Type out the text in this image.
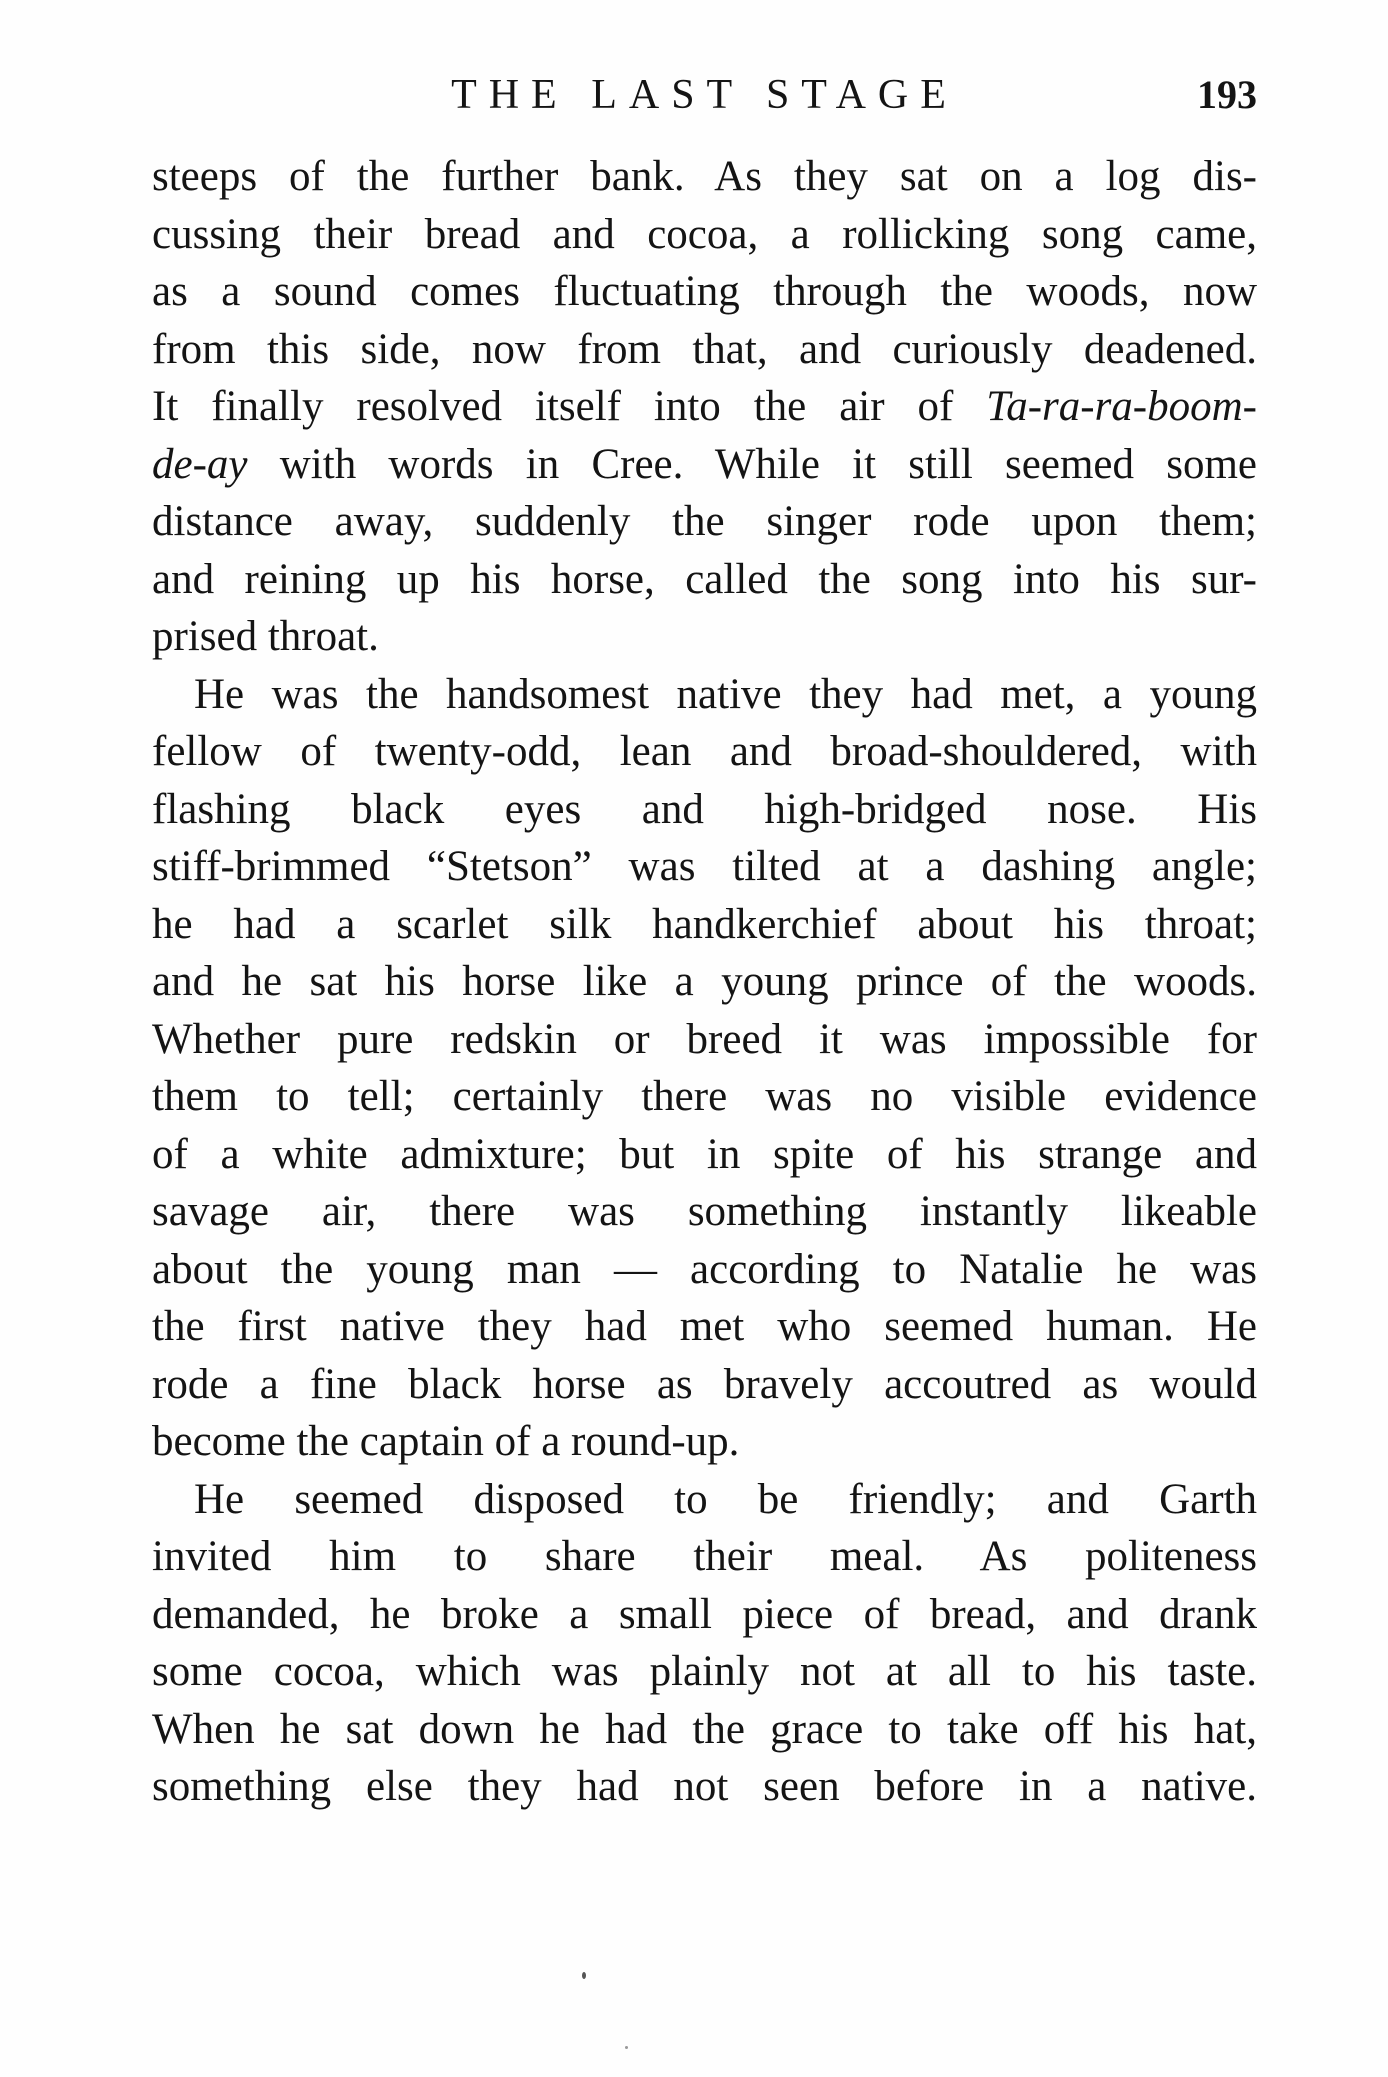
THE LAST STAGE	193
steeps of the further bank. As they sat on a log dis-
cussing their bread and cocoa, a rollicking song came,
as a sound comes fluctuating through the woods, now
from this side, now from that, and curiously deadened.
It finally resolved itself into the air of Ta-ra-ra-boom-
de-ay with words in Cree. While it still seemed some
distance away, suddenly the singer rode upon them;
and reining up his horse, called the song into his sur-
prised throat.
He was the handsomest native they had met, a young
fellow of twenty-odd, lean and broad-shouldered, with
flashing black eyes and high-bridged nose. His
stiff-brimmed “Stetson” was tilted at a dashing angle;
he had a scarlet silk handkerchief about his throat;
and he sat his horse like a young prince of the woods.
Whether pure redskin or breed it was impossible for
them to tell; certainly there was no visible evidence
of a white admixture; but in spite of his strange and
savage air, there was something instantly likeable
about the young man — according to Natalie he was
the first native they had met who seemed human. He
rode a fine black horse as bravely accoutred as would
become the captain of a round-up.
He seemed disposed to be friendly; and Garth
invited him to share their meal. As politeness
demanded, he broke a small piece of bread, and drank
some cocoa, which was plainly not at all to his taste.
When he sat down he had the grace to take off his hat,
something else they had not seen before in a native.
